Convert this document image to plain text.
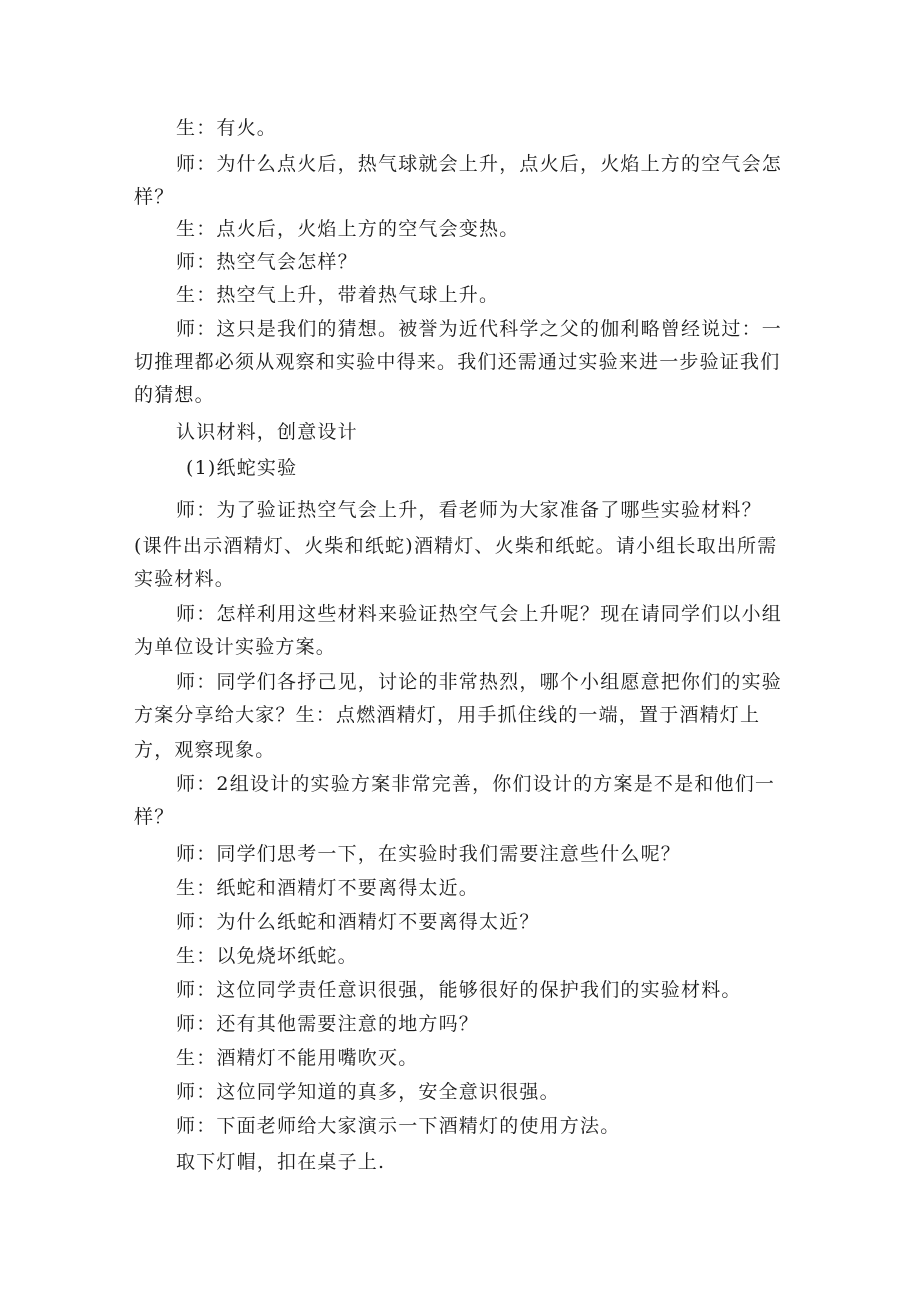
生：有火。
师：为什么点火后，热气球就会上升，点火后，火焰上方的空气会怎样？
生：点火后，火焰上方的空气会变热。
师：热空气会怎样？
生：热空气上升，带着热气球上升。
师：这只是我们的猜想。被誉为近代科学之父的伽利略曾经说过：一切推理都必须从观察和实验中得来。我们还需通过实验来进一步验证我们的猜想。
认识材料，创意设计
(1)纸蛇实验
师：为了验证热空气会上升，看老师为大家准备了哪些实验材料？
(课件出示酒精灯、火柴和纸蛇)酒精灯、火柴和纸蛇。请小组长取出所需实验材料。
师：怎样利用这些材料来验证热空气会上升呢？现在请同学们以小组为单位设计实验方案。
师：同学们各抒己见，讨论的非常热烈，哪个小组愿意把你们的实验方案分享给大家？生：点燃酒精灯，用手抓住线的一端，置于酒精灯上
方，观察现象。
师：2组设计的实验方案非常完善，你们设计的方案是不是和他们一样？
师：同学们思考一下，在实验时我们需要注意些什么呢？
生：纸蛇和酒精灯不要离得太近。
师：为什么纸蛇和酒精灯不要离得太近？
生：以免烧坏纸蛇。
师：这位同学责任意识很强，能够很好的保护我们的实验材料。
师：还有其他需要注意的地方吗？
生：酒精灯不能用嘴吹灭。
师：这位同学知道的真多，安全意识很强。
师：下面老师给大家演示一下酒精灯的使用方法。
取下灯帽，扣在桌子上.
